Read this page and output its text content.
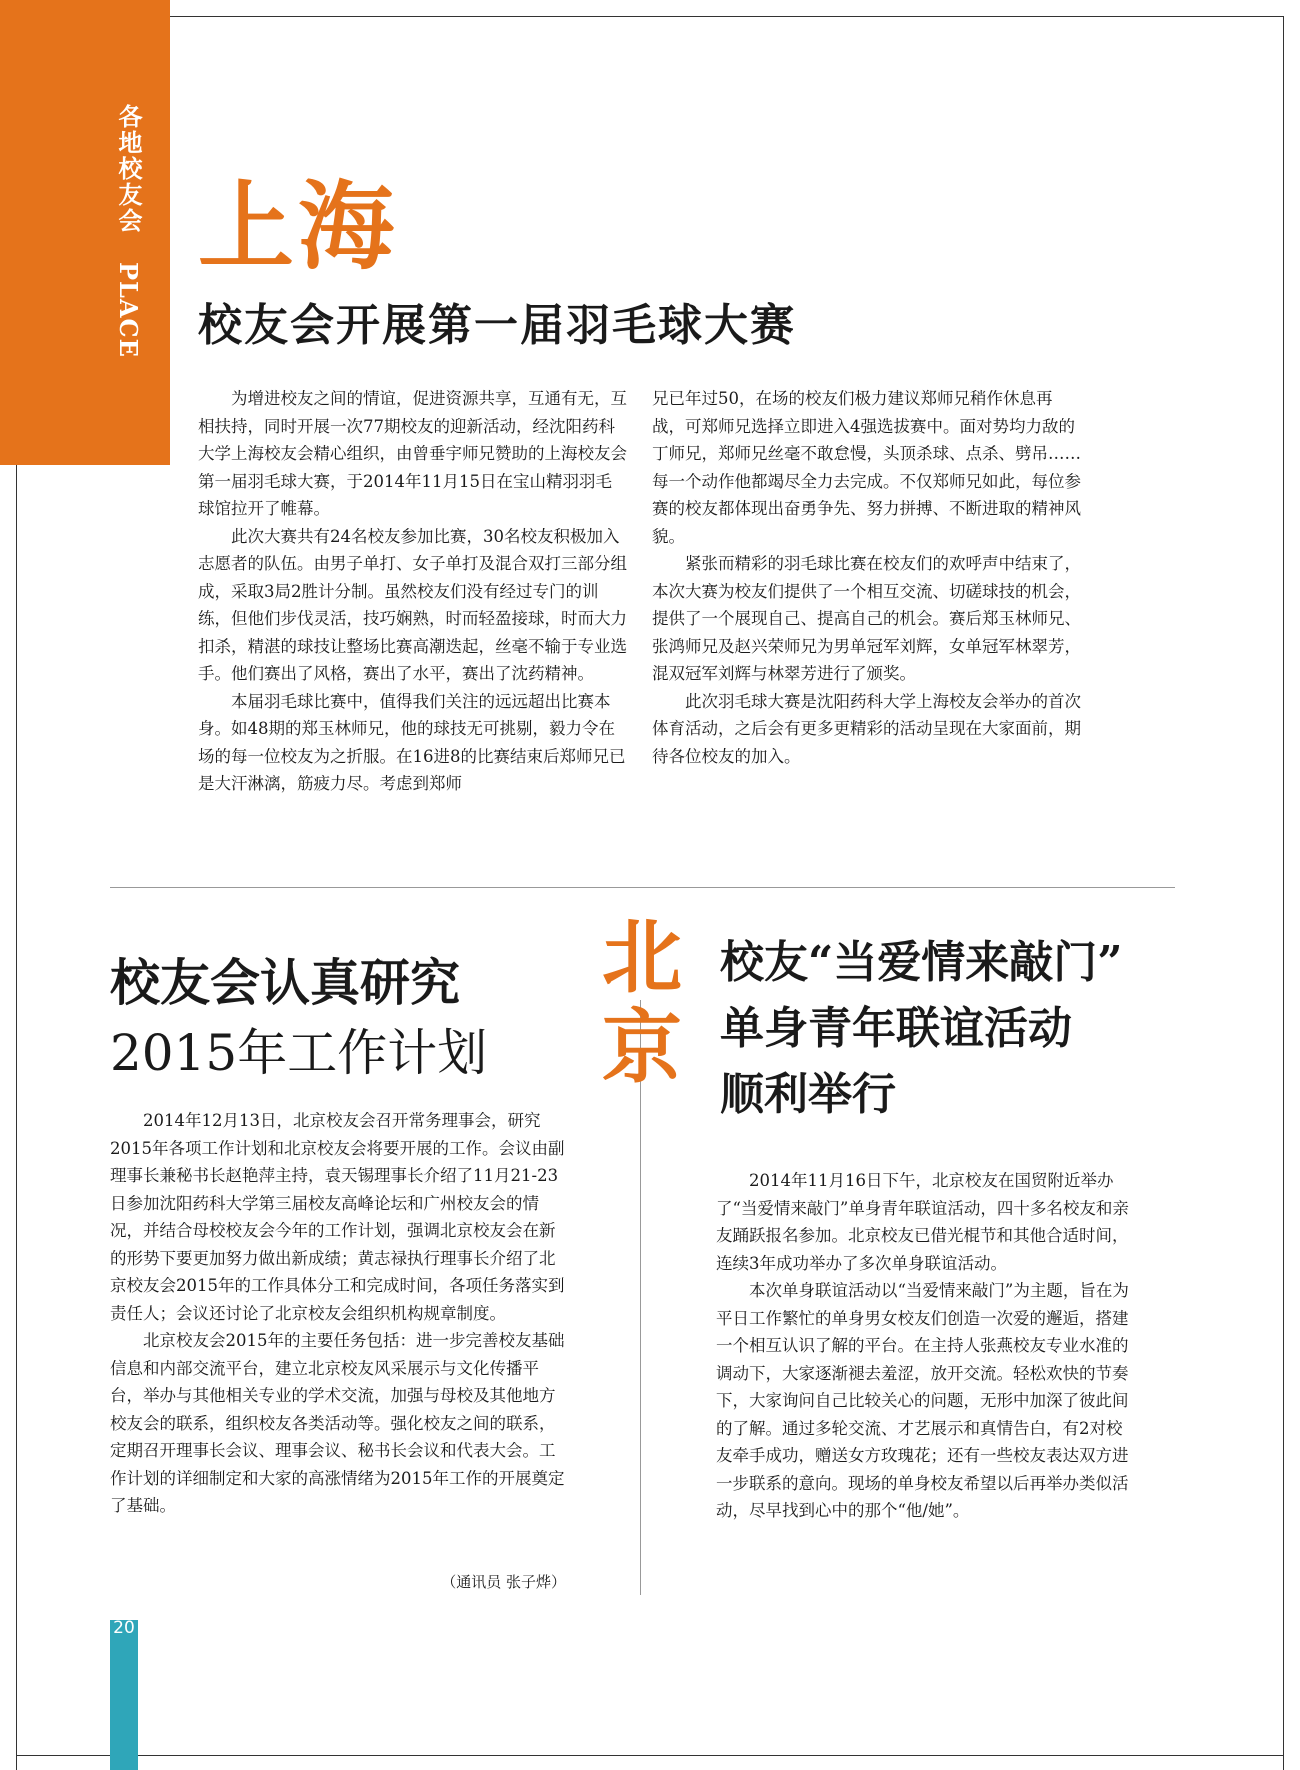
各地校友会 PLACE
上海
校友会开展第一届羽毛球大赛

为增进校友之间的情谊，促进资源共享，互通有无，互相扶持，同时开展一次77期校友的迎新活动，经沈阳药科大学上海校友会精心组织，由曾垂宇师兄赞助的上海校友会第一届羽毛球大赛，于2014年11月15日在宝山精羽羽毛球馆拉开了帷幕。

此次大赛共有24名校友参加比赛，30名校友积极加入志愿者的队伍。由男子单打、女子单打及混合双打三部分组成，采取3局2胜计分制。虽然校友们没有经过专门的训练，但他们步伐灵活，技巧娴熟，时而轻盈接球，时而大力扣杀，精湛的球技让整场比赛高潮迭起，丝毫不输于专业选手。他们赛出了风格，赛出了水平，赛出了沈药精神。

本届羽毛球比赛中，值得我们关注的远远超出比赛本身。如48期的郑玉林师兄，他的球技无可挑剔，毅力令在场的每一位校友为之折服。在16进8的比赛结束后郑师兄已是大汗淋漓，筋疲力尽。考虑到郑师

兄已年过50，在场的校友们极力建议郑师兄稍作休息再战，可郑师兄选择立即进入4强选拔赛中。面对势均力敌的丁师兄，郑师兄丝毫不敢怠慢，头顶杀球、点杀、劈吊……每一个动作他都竭尽全力去完成。不仅郑师兄如此，每位参赛的校友都体现出奋勇争先、努力拼搏、不断进取的精神风貌。

紧张而精彩的羽毛球比赛在校友们的欢呼声中结束了，本次大赛为校友们提供了一个相互交流、切磋球技的机会，提供了一个展现自己、提高自己的机会。赛后郑玉林师兄、张鸿师兄及赵兴荣师兄为男单冠军刘辉，女单冠军林翠芳，混双冠军刘辉与林翠芳进行了颁奖。

此次羽毛球大赛是沈阳药科大学上海校友会举办的首次体育活动，之后会有更多更精彩的活动呈现在大家面前，期待各位校友的加入。

校友会认真研究
2015年工作计划

2014年12月13日，北京校友会召开常务理事会，研究2015年各项工作计划和北京校友会将要开展的工作。会议由副理事长兼秘书长赵艳萍主持，袁天锡理事长介绍了11月21-23日参加沈阳药科大学第三届校友高峰论坛和广州校友会的情况，并结合母校校友会今年的工作计划，强调北京校友会在新的形势下要更加努力做出新成绩；黄志禄执行理事长介绍了北京校友会2015年的工作具体分工和完成时间，各项任务落实到责任人；会议还讨论了北京校友会组织机构规章制度。

北京校友会2015年的主要任务包括：进一步完善校友基础信息和内部交流平台，建立北京校友风采展示与文化传播平台，举办与其他相关专业的学术交流，加强与母校及其他地方校友会的联系，组织校友各类活动等。强化校友之间的联系，定期召开理事长会议、理事会议、秘书长会议和代表大会。工作计划的详细制定和大家的高涨情绪为2015年工作的开展奠定了基础。

（通讯员 张子烨）
北
京
校友“当爱情来敲门”
单身青年联谊活动
顺利举行

2014年11月16日下午，北京校友在国贸附近举办了“当爱情来敲门”单身青年联谊活动，四十多名校友和亲友踊跃报名参加。北京校友已借光棍节和其他合适时间，连续3年成功举办了多次单身联谊活动。

本次单身联谊活动以“当爱情来敲门”为主题，旨在为平日工作繁忙的单身男女校友们创造一次爱的邂逅，搭建一个相互认识了解的平台。在主持人张燕校友专业水准的调动下，大家逐渐褪去羞涩，放开交流。轻松欢快的节奏下，大家询问自己比较关心的问题，无形中加深了彼此间的了解。通过多轮交流、才艺展示和真情告白，有2对校友牵手成功，赠送女方玫瑰花；还有一些校友表达双方进一步联系的意向。现场的单身校友希望以后再举办类似活动，尽早找到心中的那个“他/她”。

20
